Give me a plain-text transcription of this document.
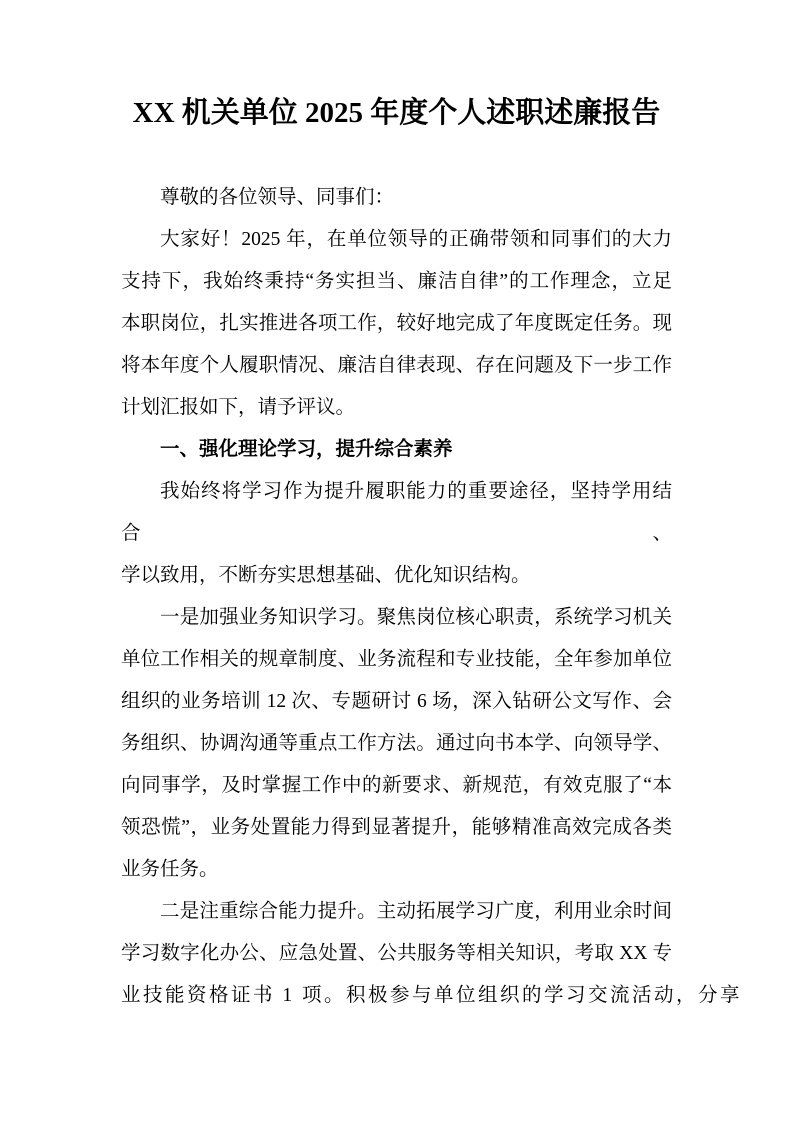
XX 机关单位 2025 年度个人述职述廉报告
尊敬的各位领导、同事们：
大家好！2025 年，在单位领导的正确带领和同事们的大力
支持下，我始终秉持“务实担当、廉洁自律”的工作理念，立足
本职岗位，扎实推进各项工作，较好地完成了年度既定任务。现
将本年度个人履职情况、廉洁自律表现、存在问题及下一步工作
计划汇报如下，请予评议。
一、强化理论学习，提升综合素养
我始终将学习作为提升履职能力的重要途径，坚持学用结合、
学以致用，不断夯实思想基础、优化知识结构。
一是加强业务知识学习。聚焦岗位核心职责，系统学习机关
单位工作相关的规章制度、业务流程和专业技能，全年参加单位
组织的业务培训 12 次、专题研讨 6 场，深入钻研公文写作、会
务组织、协调沟通等重点工作方法。通过向书本学、向领导学、
向同事学，及时掌握工作中的新要求、新规范，有效克服了“本
领恐慌”，业务处置能力得到显著提升，能够精准高效完成各类
业务任务。
二是注重综合能力提升。主动拓展学习广度，利用业余时间
学习数字化办公、应急处置、公共服务等相关知识，考取 XX 专
业技能资格证书 1 项。积极参与单位组织的学习交流活动，分享
